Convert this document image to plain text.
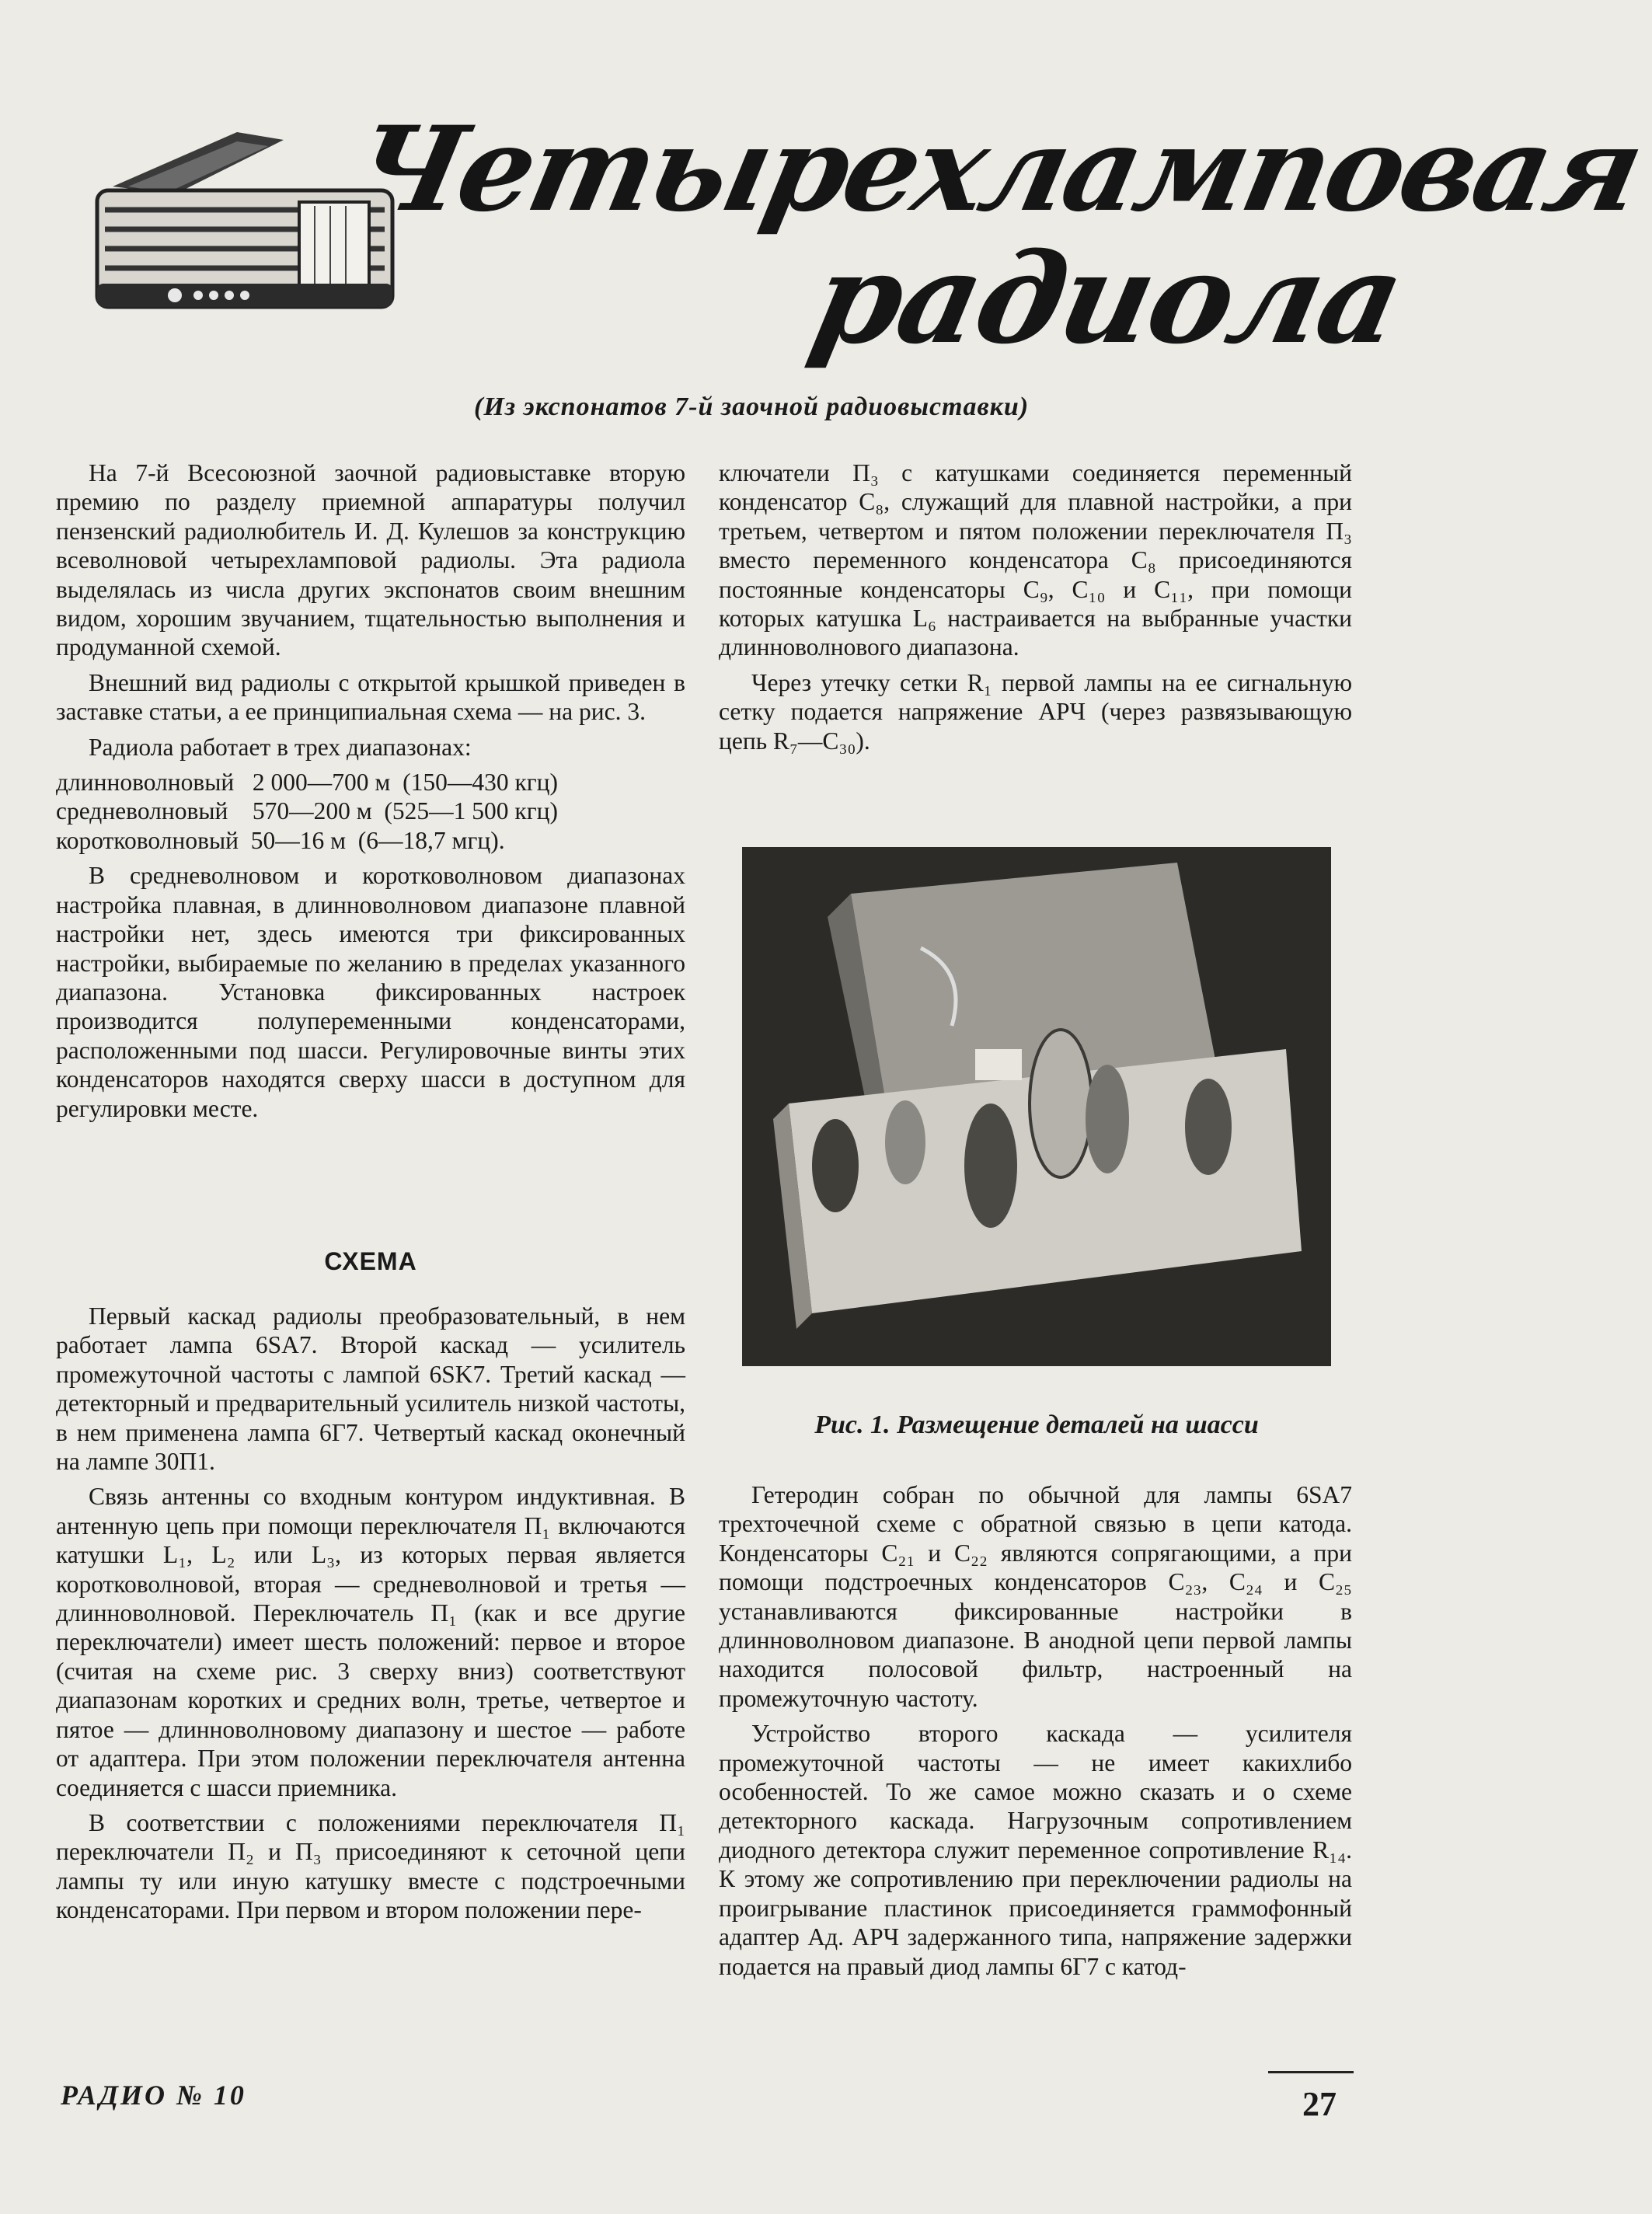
Четырехламповая
радиола
(Из экспонатов 7-й заочной радиовыставки)

На 7-й Всесоюзной заочной радиовыставке вторую премию по разделу приемной аппаратуры получил пензенский радиолюбитель И. Д. Кулешов за конструкцию всеволновой четырехламповой радиолы. Эта радиола выделялась из числа других экспонатов своим внешним видом, хорошим звучанием, тщательностью выполнения и продуманной схемой.

Внешний вид радиолы с открытой крышкой приведен в заставке статьи, а ее принципиальная схема — на рис. 3.

Радиола работает в трех диапазонах:

длинноволновый   2 000—700 м  (150—430 кгц)

средневолновый    570—200 м  (525—1 500 кгц)

коротковолновый  50—16 м  (6—18,7 мгц).

В средневолновом и коротковолновом диапазонах настройка плавная, в длинноволновом диапазоне плавной настройки нет, здесь имеются три фиксированных настройки, выбираемые по желанию в пределах указанного диапазона. Установка фиксированных настроек производится полупеременными конденсаторами, расположенными под шасси. Регулировочные винты этих конденсаторов находятся сверху шасси в доступном для регулировки месте.

СХЕМА

Первый каскад радиолы преобразовательный, в нем работает лампа 6SA7. Второй каскад — усилитель промежуточной частоты с лампой 6SK7. Третий каскад — детекторный и предварительный усилитель низкой частоты, в нем применена лампа 6Г7. Четвертый каскад оконечный на лампе 30П1.

Связь антенны со входным контуром индуктивная. В антенную цепь при помощи переключателя П₁ включаются катушки L₁, L₂ или L₃, из которых первая является коротковолновой, вторая — средневолновой и третья — длинноволновой. Переключатель П₁ (как и все другие переключатели) имеет шесть положений: первое и второе (считая на схеме рис. 3 сверху вниз) соответствуют диапазонам коротких и средних волн, третье, четвертое и пятое — длинноволновому диапазону и шестое — работе от адаптера. При этом положении переключателя антенна соединяется с шасси приемника.

В соответствии с положениями переключателя П₁ переключатели П₂ и П₃ присоединяют к сеточной цепи лампы ту или иную катушку вместе с подстроечными конденсаторами. При первом и втором положении пере-

ключатели П₃ с катушками соединяется переменный конденсатор C₈, служащий для плавной настройки, а при третьем, четвертом и пятом положении переключателя П₃ вместо переменного конденсатора C₈ присоединяются постоянные конденсаторы C₉, C₁₀ и C₁₁, при помощи которых катушка L₆ настраивается на выбранные участки длинноволнового диапазона.

Через утечку сетки R₁ первой лампы на ее сигнальную сетку подается напряжение АРЧ (через развязывающую цепь R₇—C₃₀).

Рис. 1. Размещение деталей на шасси

Гетеродин собран по обычной для лампы 6SA7 трехточечной схеме с обратной связью в цепи катода. Конденсаторы C₂₁ и C₂₂ являются сопрягающими, а при помощи подстроечных конденсаторов C₂₃, C₂₄ и C₂₅ устанавливаются фиксированные настройки в длинноволновом диапазоне. В анодной цепи первой лампы находится полосовой фильтр, настроенный на промежуточную частоту.

Устройство второго каскада — усилителя промежуточной частоты — не имеет какихлибо особенностей. То же самое можно сказать и о схеме детекторного каскада. Нагрузочным сопротивлением диодного детектора служит переменное сопротивление R₁₄. К этому же сопротивлению при переключении радиолы на проигрывание пластинок присоединяется граммофонный адаптер Ад. АРЧ задержанного типа, напряжение задержки подается на правый диод лампы 6Г7 с катод-

РАДИО № 10	27
